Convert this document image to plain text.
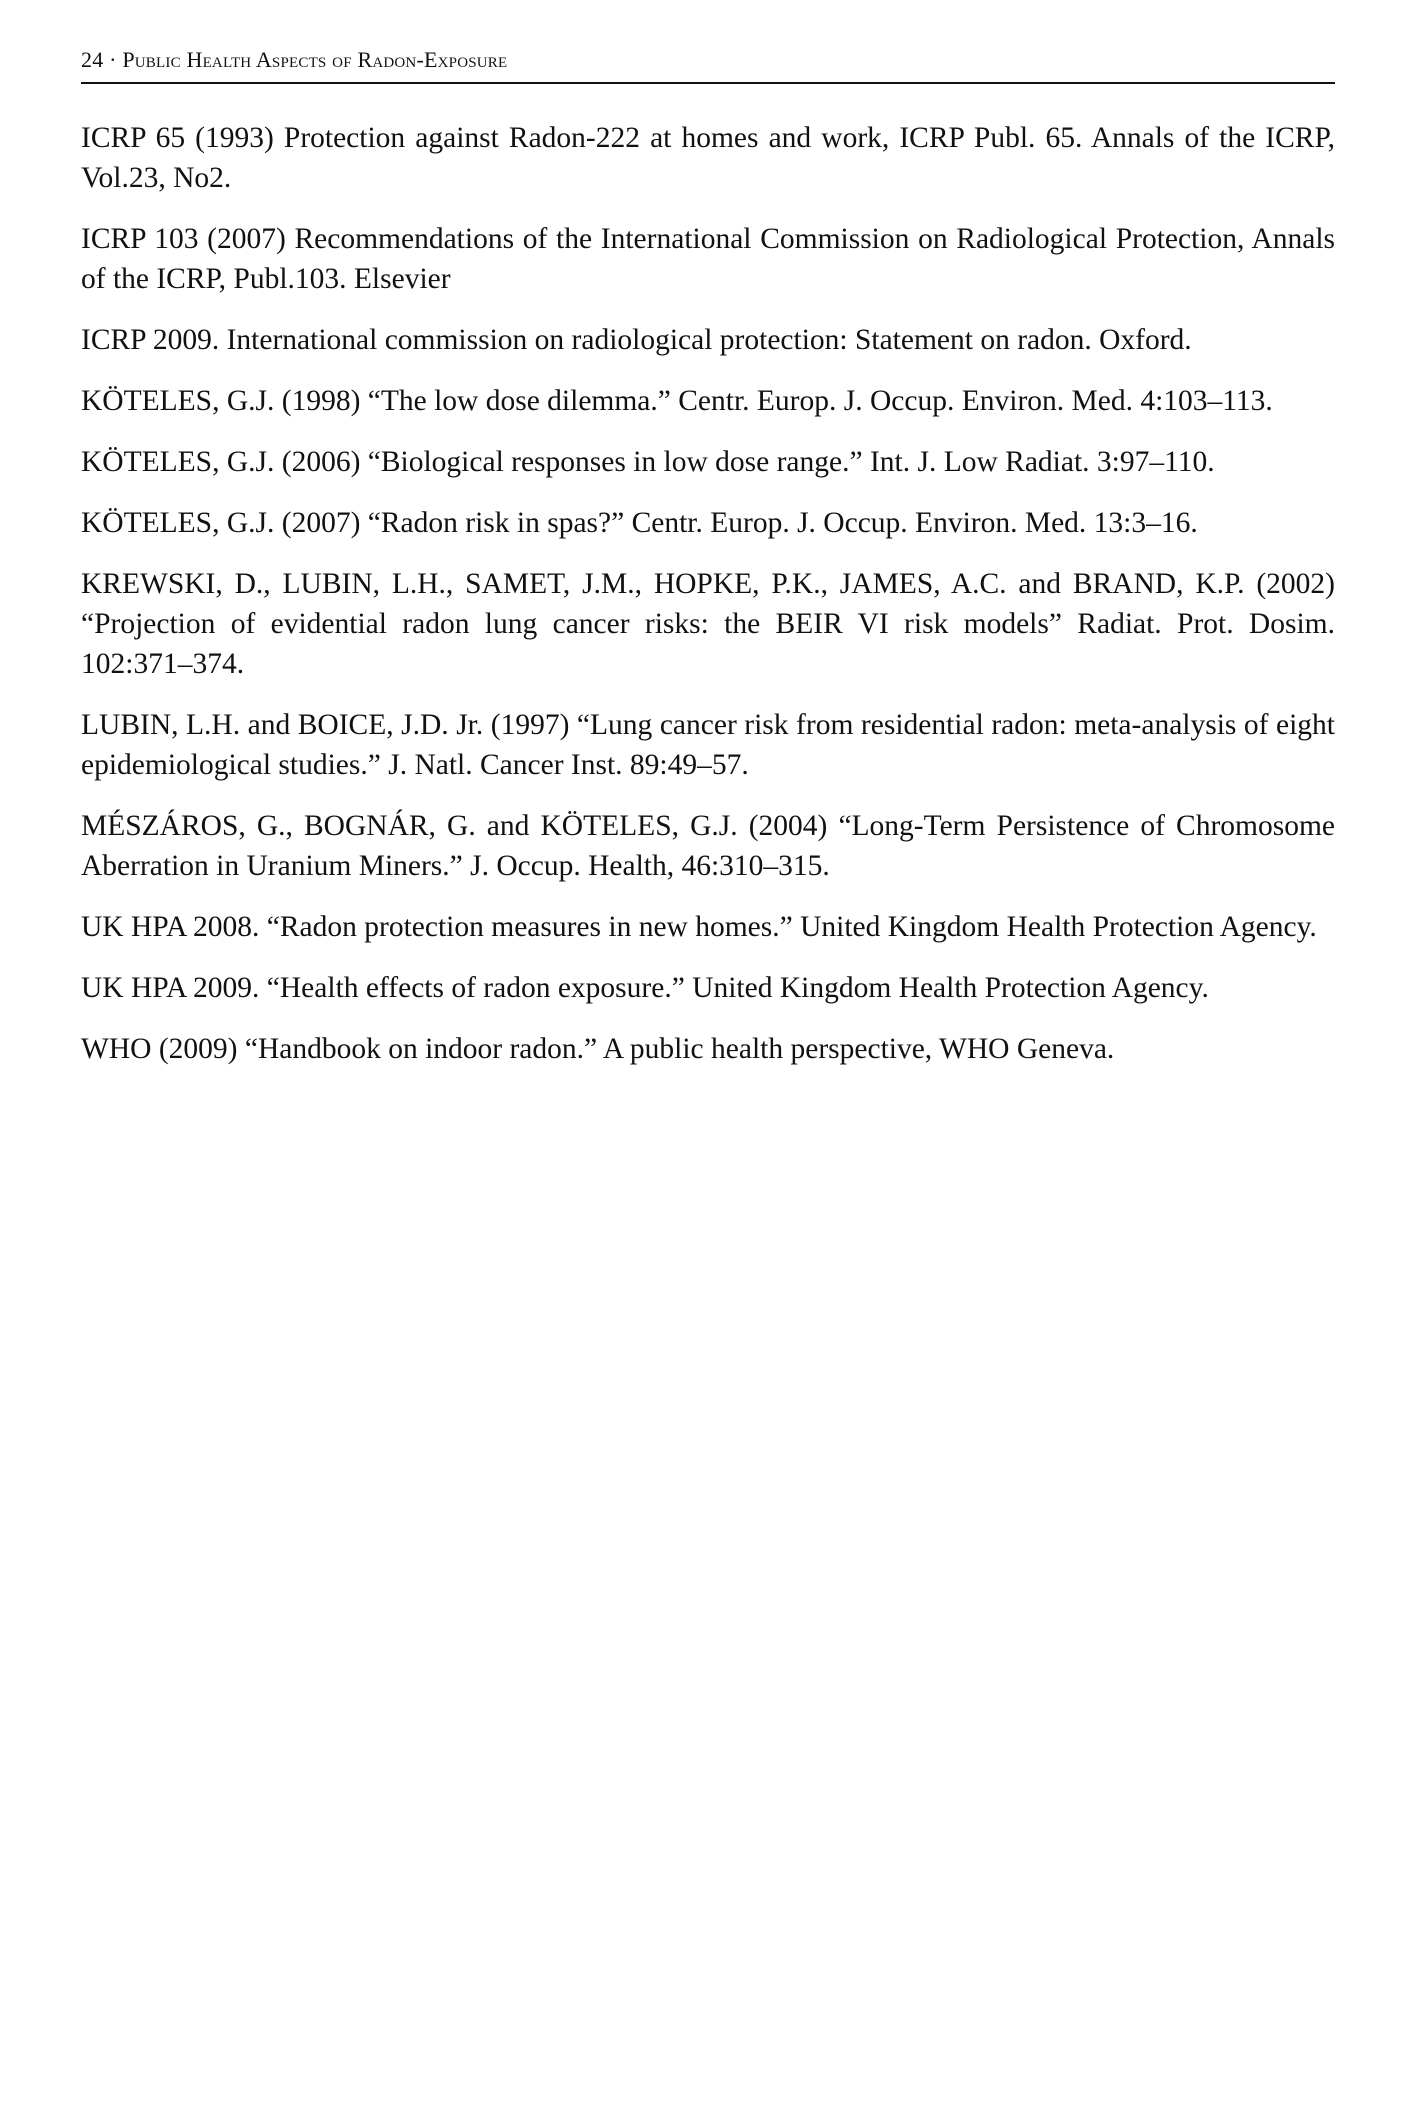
24 · Public Health Aspects of Radon-Exposure
ICRP 65 (1993) Protection against Radon-222 at homes and work, ICRP Publ. 65. Annals of the ICRP, Vol.23, No2.
ICRP 103 (2007) Recommendations of the International Commission on Radiological Protection, Annals of the ICRP, Publ.103. Elsevier
ICRP 2009. International commission on radiological protection: Statement on radon. Oxford.
KÖTELES, G.J. (1998) “The low dose dilemma.” Centr. Europ. J. Occup. Environ. Med. 4:103–113.
KÖTELES, G.J. (2006) “Biological responses in low dose range.” Int. J. Low Radiat. 3:97–110.
KÖTELES, G.J. (2007) “Radon risk in spas?” Centr. Europ. J. Occup. Environ. Med. 13:3–16.
KREWSKI, D., LUBIN, L.H., SAMET, J.M., HOPKE, P.K., JAMES, A.C. and BRAND, K.P. (2002) “Projection of evidential radon lung cancer risks: the BEIR VI risk models” Radiat. Prot. Dosim. 102:371–374.
LUBIN, L.H. and BOICE, J.D. Jr. (1997) “Lung cancer risk from residential radon: meta-analysis of eight epidemiological studies.” J. Natl. Cancer Inst. 89:49–57.
MÉSZÁROS, G., BOGNÁR, G. and KÖTELES, G.J. (2004) “Long-Term Persistence of Chromosome Aberration in Uranium Miners.” J. Occup. Health, 46:310–315.
UK HPA 2008. “Radon protection measures in new homes.” United Kingdom Health Protection Agency.
UK HPA 2009. “Health effects of radon exposure.” United Kingdom Health Protection Agency.
WHO (2009) “Handbook on indoor radon.” A public health perspective, WHO Geneva.
